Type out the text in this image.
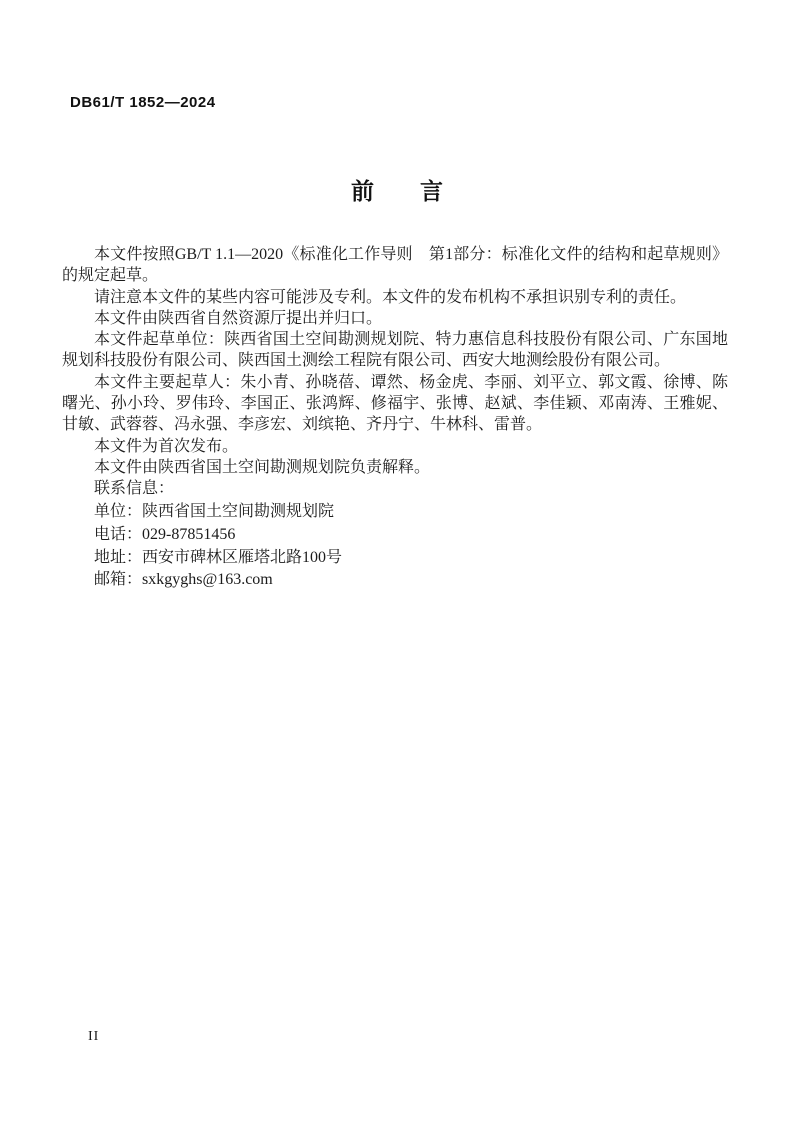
DB61/T 1852—2024
前　　言

本文件按照GB/T 1.1—2020《标准化工作导则　第1部分：标准化文件的结构和起草规则》的规定起草。

请注意本文件的某些内容可能涉及专利。本文件的发布机构不承担识别专利的责任。

本文件由陕西省自然资源厅提出并归口。

本文件起草单位：陕西省国土空间勘测规划院、特力惠信息科技股份有限公司、广东国地规划科技股份有限公司、陕西国土测绘工程院有限公司、西安大地测绘股份有限公司。

本文件主要起草人：朱小青、孙晓蓓、谭然、杨金虎、李丽、刘平立、郭文霞、徐博、陈曙光、孙小玲、罗伟玲、李国正、张鸿辉、修福宇、张博、赵斌、李佳颖、邓南涛、王雅妮、甘敏、武蓉蓉、冯永强、李彦宏、刘缤艳、齐丹宁、牛林科、雷普。

本文件为首次发布。

本文件由陕西省国土空间勘测规划院负责解释。

联系信息：

单位：陕西省国土空间勘测规划院

电话：029-87851456

地址：西安市碑林区雁塔北路100号

邮箱：sxkgyghs@163.com

II
